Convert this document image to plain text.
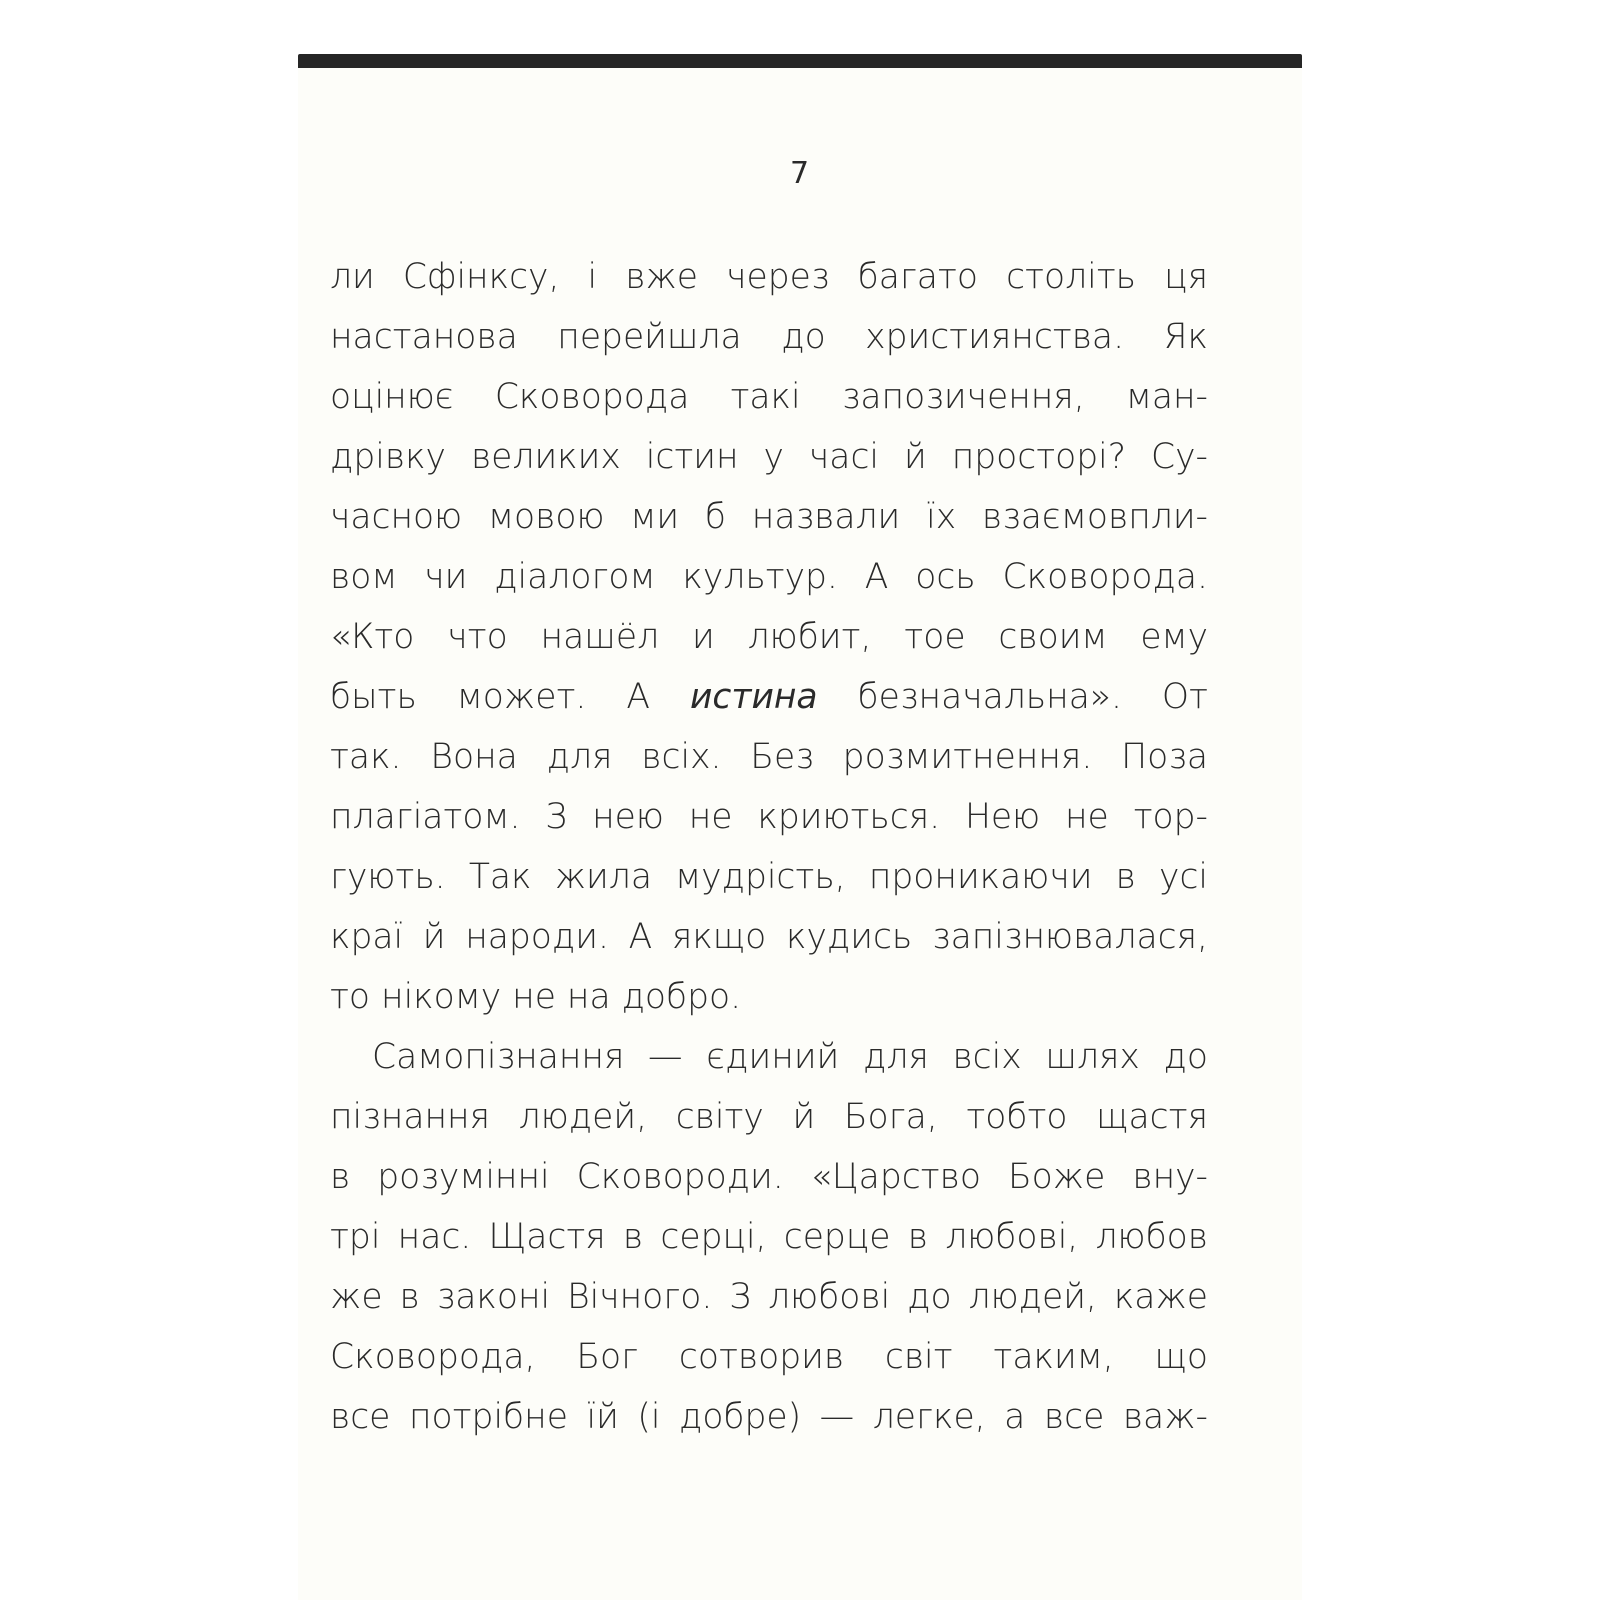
7
ли Сфінксу, і вже через багато століть ця
настанова перейшла до християнства. Як
оцінює Сковорода такі запозичення, ман-
дрівку великих істин у часі й просторі? Су-
часною мовою ми б назвали їх взаємовпли-
вом чи діалогом культур. А ось Сковорода.
«Кто что нашёл и любит, тое своим ему
быть может. А истина безначальна». От
так. Вона для всіх. Без розмитнення. Поза
плагіатом. З нею не криються. Нею не тор-
гують. Так жила мудрість, проникаючи в усі
краї й народи. А якщо кудись запізнювалася,
то нікому не на добро.
Самопізнання — єдиний для всіх шлях до
пізнання людей, світу й Бога, тобто щастя
в розумінні Сковороди. «Царство Боже вну-
трі нас. Щастя в серці, серце в любові, любов
же в законі Вічного. З любові до людей, каже
Сковорода, Бог сотворив світ таким, що
все потрібне їй (і добре) — легке, а все важ-
